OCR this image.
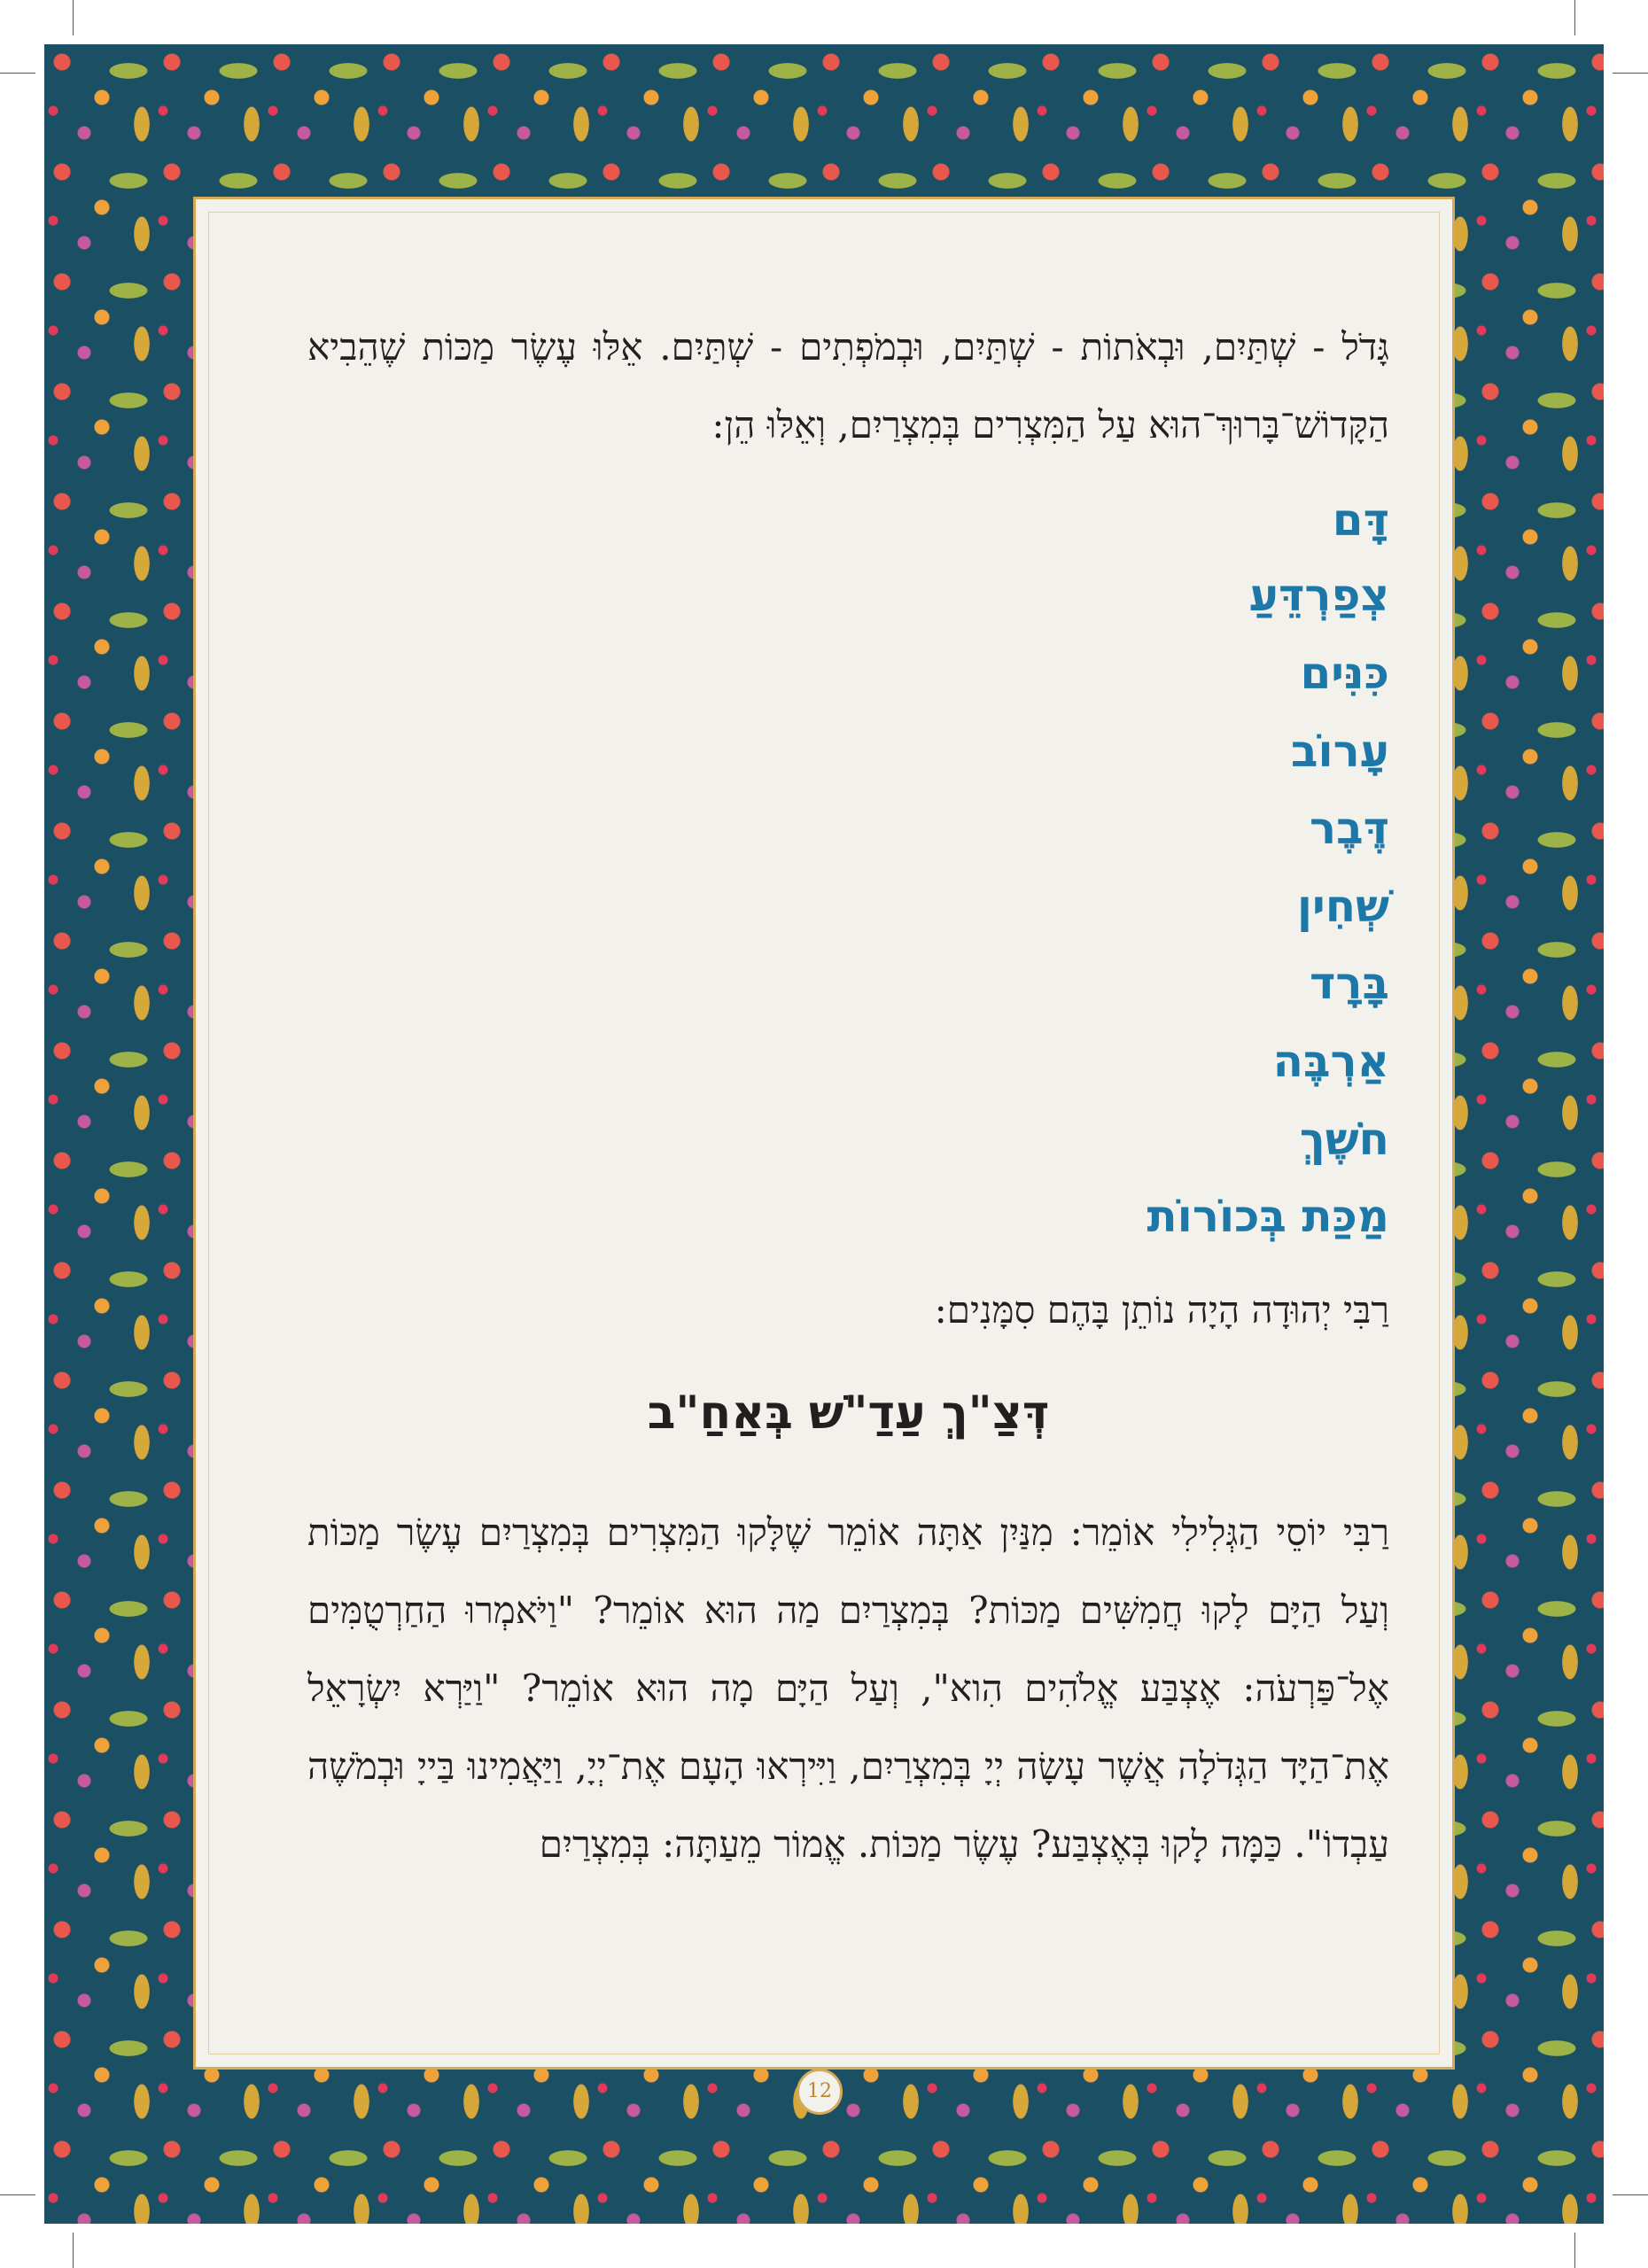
גָּדֹל - שְׁתַּיִם, וּבְאֹתוֹת - שְׁתַּיִם, וּבְמֹפְתִים - שְׁתַּיִם. אֵלּוּ עֶשֶׂר מַכּוֹת שֶׁהֵבִיא הַקָּדוֹשׁ־בָּרוּךְ־הוּא עַל הַמִּצְרִים בְּמִצְרַיִם, וְאֵלּוּ הֵן:

דָּם

צְפַרְדֵּעַ

כִּנִּים

עָרוֹב

דֶּבֶר

שְׁחִין

בָּרָד

אַרְבֶּה

חֹשֶׁךְ

מַכַּת בְּכוֹרוֹת

רַבִּי יְהוּדָה הָיָה נוֹתֵן בָּהֶם סִמָּנִים:

דְּצַ"ךְ עַדַ"שׁ בְּאַחַ"ב

רַבִּי יוֹסֵי הַגְּלִילִי אוֹמֵר: מִנַּיִן אַתָּה אוֹמֵר שֶׁלָּקוּ הַמִּצְרִים בְּמִצְרַיִם עֶשֶׂר מַכּוֹת וְעַל הַיָּם לָקוּ חֲמִשִּׁים מַכּוֹת? בְּמִצְרַיִם מַה הוּא אוֹמֵר? "וַיֹּאמְרוּ הַחַרְטֻמִּים אֶל־פַּרְעֹה: אֶצְבַּע אֱלֹהִים הִוא", וְעַל הַיָּם מָה הוּא אוֹמֵר? "וַיַּרְא יִשְׂרָאֵל אֶת־הַיָּד הַגְּדֹלָה אֲשֶׁר עָשָׂה יְיָ בְּמִצְרַיִם, וַיִּירְאוּ הָעָם אֶת־יְיָ, וַיַּאֲמִינוּ בַּייָ וּבְמֹשֶׁה עַבְדוֹ". כַּמָּה לָקוּ בְּאֶצְבַּע? עֶשֶׂר מַכּוֹת. אֱמוֹר מֵעַתָּה: בְּמִצְרַיִם

12
